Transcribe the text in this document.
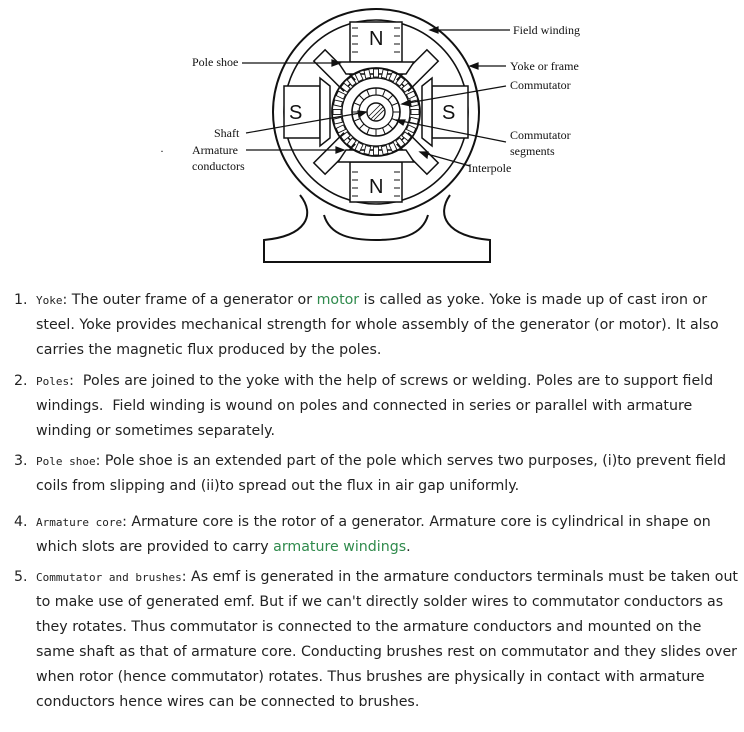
N
N
S	S
Field winding
Yoke or frame
Commutator
Commutator
segments
Interpole
Pole shoe
Shaft
Armature
conductors
·
1. Yoke: The outer frame of a generator or motor is called as yoke. Yoke is made up of cast iron or steel. Yoke provides mechanical strength for whole assembly of the generator (or motor). It also carries the magnetic flux produced by the poles.
2. Poles:  Poles are joined to the yoke with the help of screws or welding. Poles are to support field windings.  Field winding is wound on poles and connected in series or parallel with armature winding or sometimes separately.
3. Pole shoe: Pole shoe is an extended part of the pole which serves two purposes, (i)to prevent field coils from slipping and (ii)to spread out the flux in air gap uniformly.
4. Armature core: Armature core is the rotor of a generator. Armature core is cylindrical in shape on which slots are provided to carry armature windings.
5. Commutator and brushes: As emf is generated in the armature conductors terminals must be taken out to make use of generated emf. But if we can't directly solder wires to commutator conductors as they rotates. Thus commutator is connected to the armature conductors and mounted on the same shaft as that of armature core. Conducting brushes rest on commutator and they slides over when rotor (hence commutator) rotates. Thus brushes are physically in contact with armature conductors hence wires can be connected to brushes.
